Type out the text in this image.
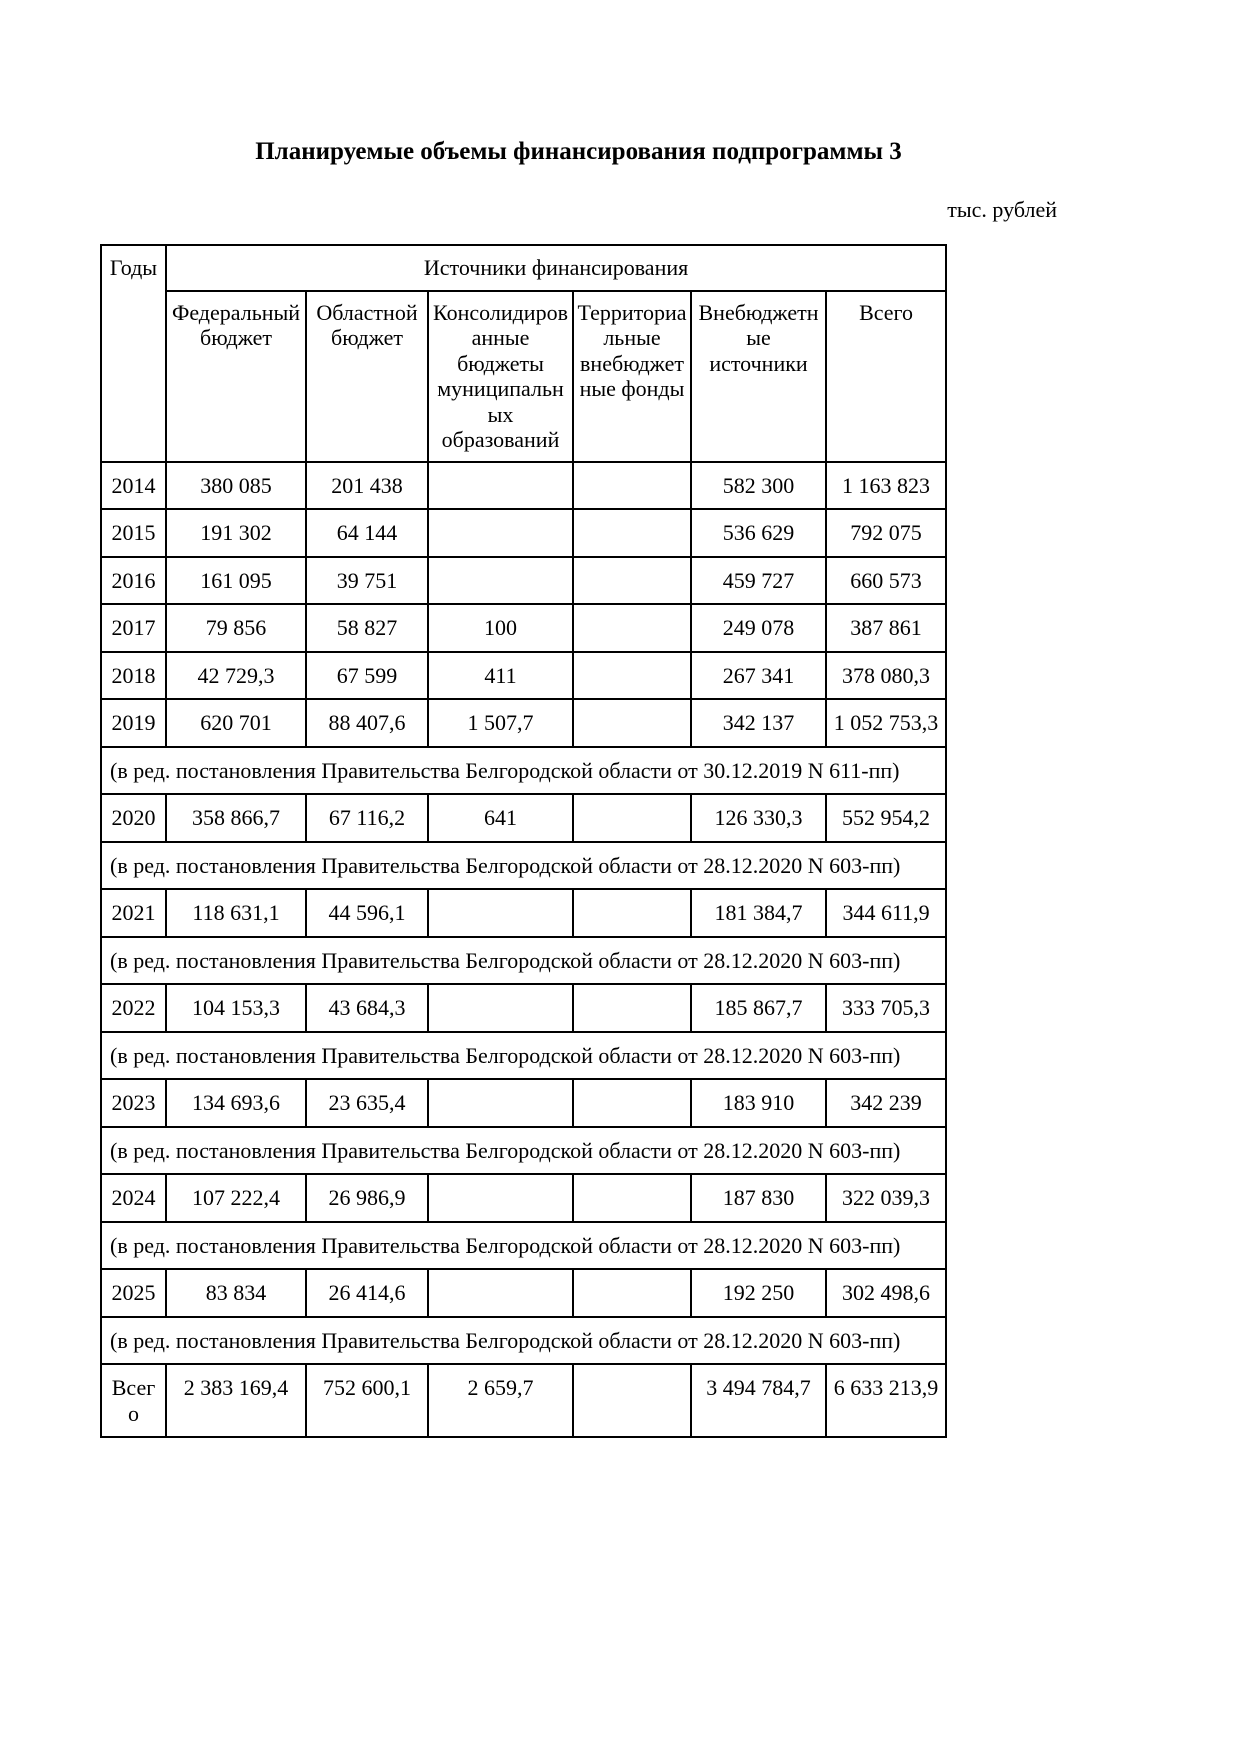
Планируемые объемы финансирования подпрограммы 3
тыс. рублей
Годы	Источники финансирования					
	Федеральный бюджет	Областной бюджет	Консолидированные бюджеты муниципальных образований	Территориальные внебюджетные фонды	Внебюджетные источники	Всего
2014	380 085	201 438			582 300	1 163 823
2015	191 302	64 144			536 629	792 075
2016	161 095	39 751			459 727	660 573
2017	79 856	58 827	100		249 078	387 861
2018	42 729,3	67 599	411		267 341	378 080,3
2019	620 701	88 407,6	1 507,7		342 137	1 052 753,3
(в ред. постановления Правительства Белгородской области от 30.12.2019 N 611-пп)						
2020	358 866,7	67 116,2	641		126 330,3	552 954,2
(в ред. постановления Правительства Белгородской области от 28.12.2020 N 603-пп)						
2021	118 631,1	44 596,1			181 384,7	344 611,9
(в ред. постановления Правительства Белгородской области от 28.12.2020 N 603-пп)						
2022	104 153,3	43 684,3			185 867,7	333 705,3
(в ред. постановления Правительства Белгородской области от 28.12.2020 N 603-пп)						
2023	134 693,6	23 635,4			183 910	342 239
(в ред. постановления Правительства Белгородской области от 28.12.2020 N 603-пп)						
2024	107 222,4	26 986,9			187 830	322 039,3
(в ред. постановления Правительства Белгородской области от 28.12.2020 N 603-пп)						
2025	83 834	26 414,6			192 250	302 498,6
(в ред. постановления Правительства Белгородской области от 28.12.2020 N 603-пп)						
Всего	2 383 169,4	752 600,1	2 659,7		3 494 784,7	6 633 213,9
